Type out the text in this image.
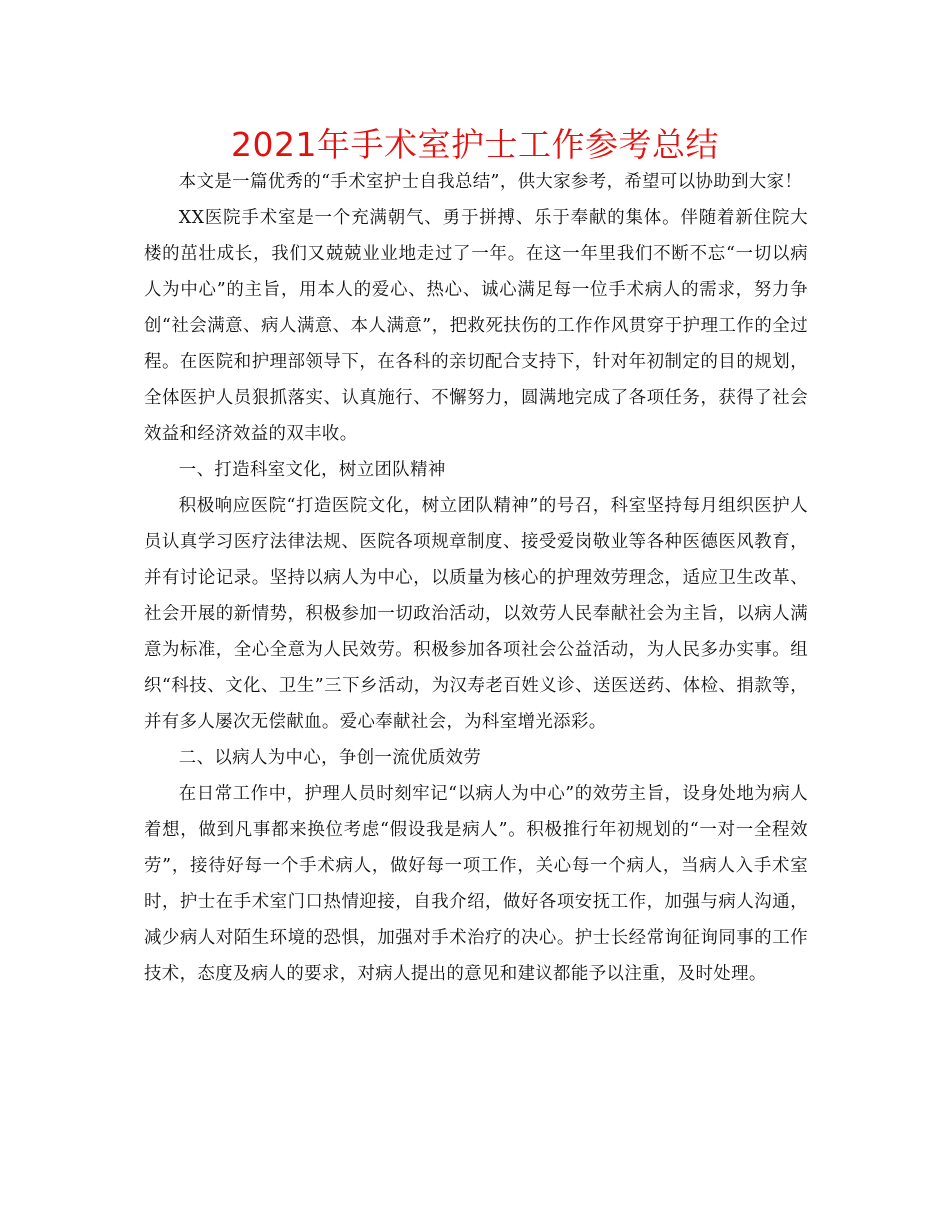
2021年手术室护士工作参考总结

本文是一篇优秀的“手术室护士自我总结”，供大家参考，希望可以协助到大家！

XX医院手术室是一个充满朝气、勇于拼搏、乐于奉献的集体。伴随着新住院大楼的茁壮成长，我们又兢兢业业地走过了一年。在这一年里我们不断不忘“一切以病人为中心”的主旨，用本人的爱心、热心、诚心满足每一位手术病人的需求，努力争创“社会满意、病人满意、本人满意”，把救死扶伤的工作作风贯穿于护理工作的全过程。在医院和护理部领导下，在各科的亲切配合支持下，针对年初制定的目的规划，全体医护人员狠抓落实、认真施行、不懈努力，圆满地完成了各项任务，获得了社会效益和经济效益的双丰收。

一、打造科室文化，树立团队精神

积极响应医院“打造医院文化，树立团队精神”的号召，科室坚持每月组织医护人员认真学习医疗法律法规、医院各项规章制度、接受爱岗敬业等各种医德医风教育，并有讨论记录。坚持以病人为中心，以质量为核心的护理效劳理念，适应卫生改革、社会开展的新情势，积极参加一切政治活动，以效劳人民奉献社会为主旨，以病人满意为标准，全心全意为人民效劳。积极参加各项社会公益活动，为人民多办实事。组织“科技、文化、卫生”三下乡活动，为汉寿老百姓义诊、送医送药、体检、捐款等，并有多人屡次无偿献血。爱心奉献社会，为科室增光添彩。

二、以病人为中心，争创一流优质效劳

在日常工作中，护理人员时刻牢记“以病人为中心”的效劳主旨，设身处地为病人着想，做到凡事都来换位考虑“假设我是病人”。积极推行年初规划的“一对一全程效劳”，接待好每一个手术病人，做好每一项工作，关心每一个病人，当病人入手术室时，护士在手术室门口热情迎接，自我介绍，做好各项安抚工作，加强与病人沟通，减少病人对陌生环境的恐惧，加强对手术治疗的决心。护士长经常询征询同事的工作技术，态度及病人的要求，对病人提出的意见和建议都能予以注重，及时处理。
